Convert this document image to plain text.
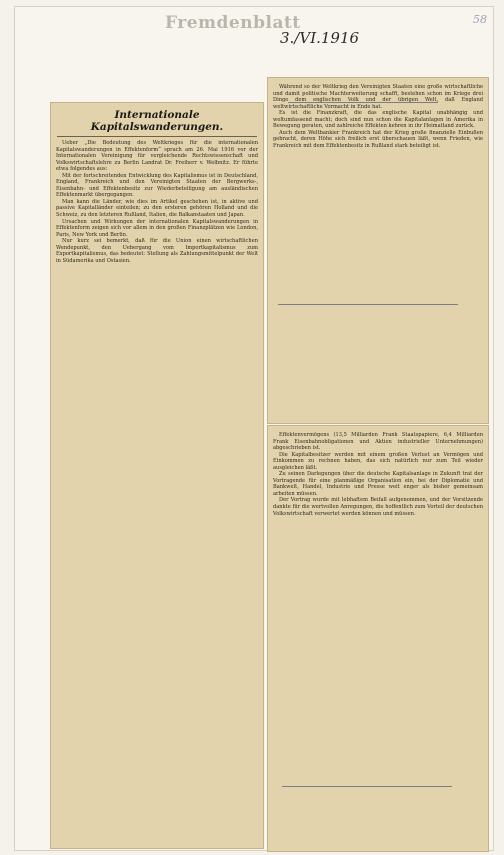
Fremdenblatt
3./VI.1916
58
Internationale Kapitalswanderungen.

Ueber „Die Bedeutung des Weltkrieges für die internationalen Kapitalswanderungen in Effektenform“ sprach am 26. Mai 1916 vor der Internationalen Vereinigung für vergleichende Rechtswissenschaft und Volkswirtschaftslehre zu Berlin Landrat Dr. Freiherr v. Welbnitz. Er führte etwa folgendes aus:

Mit der fortschreitenden Entwicklung des Kapitalismus ist in Deutschland, England, Frankreich und den Vereinigten Staaten der Bergwerks-, Eisenbahn- und Effektenbesitz zur Wiederbeteiligung am ausländischen Effektenmarkt übergegangen.

Man kann die Länder, wie dies im Artikel geschehen ist, in aktive und passive Kapitalländer einteilen; zu den ersteren gehören Holland und die Schweiz, zu den letzteren Rußland, Italien, die Balkanstaaten und Japan.

Ursachen und Wirkungen der internationalen Kapitalswanderungen in Effektenform zeigen sich vor allem in den großen Finanzplätzen wie London, Paris, New York und Berlin.

Nur kurz sei bemerkt, daß für die Union einen wirtschaftlichen Wendepunkt, den Uebergang vom Importkapitalismus zum Exportkapitalismus, das bedeutet: Stellung als Zahlungsmittelpunkt der Welt in Südamerika und Ostasien.

Während so der Weltkrieg den Vereinigten Staaten eine große wirtschaftliche und damit politische Machterweiterung schafft, bestehen schon im Kriege drei Dinge dem englischen Volk und der übrigen Welt, daß England weltwirtschaftliche Vormacht in Ende hat.

Es ist die Finanzkraft, die das englische Kapital unabhängig und weltumfassend macht; doch sind nun schon die Kapitalanlagen in Amerika in Bewegung geraten, und zahlreiche Effekten kehren in ihr Heimatland zurück.

Auch dem Weltbankier Frankreich hat der Krieg große finanzielle Einbußen gebracht, deren Höhe sich freilich erst überschauen läßt, wenn Frieden, wie Frankreich mit dem Effektenbesitz in Rußland stark beteiligt ist.

Effektenvermögens (13,5 Milliarden Frank Staatspapiere, 6,4 Milliarden Frank Eisenbahnobligationen und Aktien industrieller Unternehmungen) abgeschrieben ist.

Die Kapitalbesitzer werden mit einem großen Verlust an Vermögen und Einkommen zu rechnen haben, das sich natürlich nur zum Teil wieder ausgleichen läßt.

Zu seinen Darlegungen über die deutsche Kapitalsanlage in Zukunft trat der Vortragende für eine planmäßige Organisation ein, bei der Diplomatie und Bankwelt, Handel, Industrie und Presse weit enger als bisher gemeinsam arbeiten müssen.

Der Vortrag wurde mit lebhaftem Beifall aufgenommen, und der Vorsitzende dankte für die wertvollen Anregungen, die hoffentlich zum Vorteil der deutschen Volkswirtschaft verwertet werden können und müssen.
